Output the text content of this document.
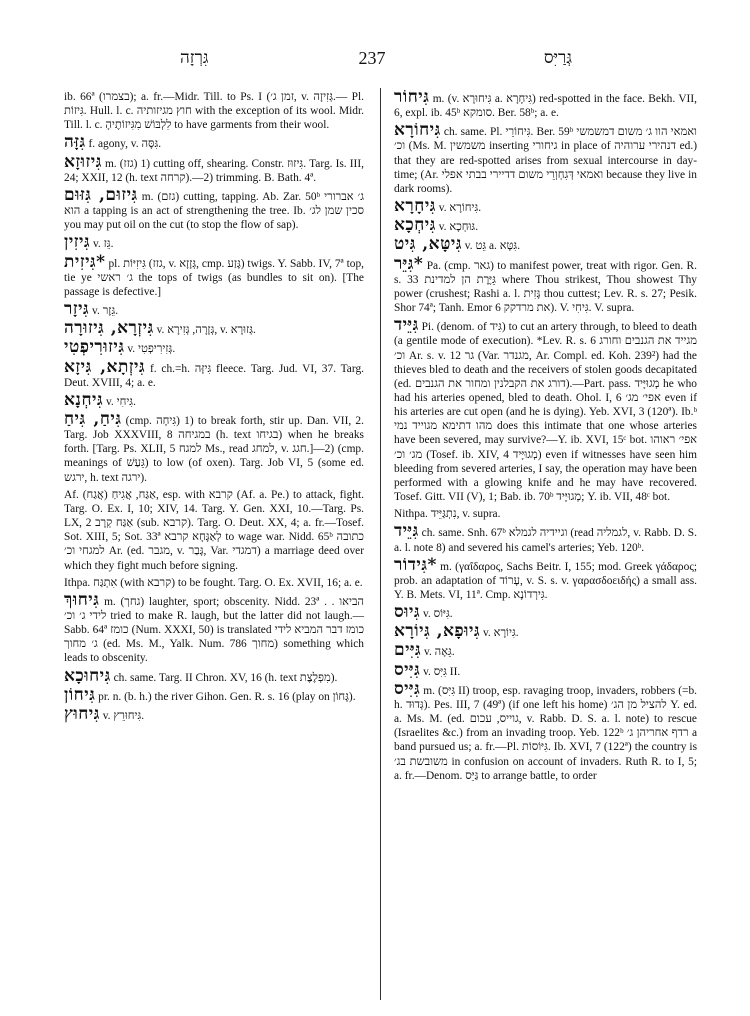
גִּרְזָה	237	גְּרַיִּס

ib. 66ª (בצמרו); a. fr.—Midr. Till. to Ps. I (זמן ג׳, v. גְּזִיזָה.— Pl. גִּיזוֹת. Hull. l. c. חוץ מגיזותיה with the exception of its wool. Midr. Till. l. c. לִלְבּוֹשׁ מִגִּיזוֹתֶיהָ to have garments from their wool.

גִּזָּה f. agony, v. גִּסָּה.

גִּיזוּזָא m. (גזז) 1) cutting off, shearing. Constr. גִּיזוּז. Targ. Is. III, 24; XXII, 12 (h. text קרחה).—2) trimming. B. Bath. 4ª.

גִּיזוּם, גִּזּוּם m. (גזם) cutting, tapping. Ab. Zar. 50ᵇ ג׳ אברורי הוא a tapping is an act of strengthening the tree. Ib. סכין שמן לג׳ you may put oil on the cut (to stop the flow of sap).

גִּיזִין v. גֵּז.

*גִּיזִית pl. גִּיזִיּוֹת (גזז, v. גְּזָזָא, cmp. גֶּזַע) twigs. Y. Sabb. IV, 7ª top, tie ye ג׳ ראשי the tops of twigs (as bundles to sit on). [The passage is defective.]

גִּיזָר v. גֵּזֶר.

גִּיזְרָא, גִּיזוּרָה v. גְּזָרָה, גְּזִירָא, v. גְּזוּרָא.

גִּיזוּרִיפְטִי v. גְּזִירִיפְטִי.

גִּיזְתָא, גִּיזָא f. ch.=h. גִּיזָּה fleece. Targ. Jud. VI, 37. Targ. Deut. XVIII, 4; a. e.

גִּיחְנָא v. גִּיחִי.

גִּיחַ, גִּיחַ (cmp. גִּיחָה) 1) to break forth, stir up. Dan. VII, 2. Targ. Job XXXVIII, 8 במגיחה (h. text בגיחו) when he breaks forth. [Targ. Ps. XLII, 5 למגח Ms., read למחג, v. חגג.]—2) (cmp. meanings of גֵּעַשׁ) to low (of oxen). Targ. Job VI, 5 (some ed. ירגש, h. text ירגה).

Af. אַגַּח, אֲגִיחַ (אֲגַח), esp. with קרבא (Af. a. Pe.) to attack, fight. Targ. O. Ex. I, 10; XIV, 14. Targ. Y. Gen. XXI, 10.—Targ. Ps. LX, 2 אַגַּח קְרָב (sub. קרבא). Targ. O. Deut. XX, 4; a. fr.—Tosef. Sot. XIII, 5; Sot. 33ª לְאַגָּחָא קרבא to wage war. Nidd. 65ᵇ כתובה למגחי וכ׳ Ar. (ed. מגבר, v. גָּבַר, Var. דמגדי) a marriage deed over which they fight much before signing.

Ithpa. אִתְגַּח (with קרבא) to be fought. Targ. O. Ex. XVII, 16; a. e.

גִּיחוּךְ m. (גחך) laughter, sport; obscenity. Nidd. 23ª הביאו . . לידי ג׳ וכ׳ tried to make R. laugh, but the latter did not laugh.—Sabb. 64ª כומז (Num. XXXI, 50) is translated כומז דבר המביא לידי ג׳ מחוך (ed. Ms. M., Yalk. Num. 786 מחוך) something which leads to obscenity.

גִּיחוּכָא ch. same. Targ. II Chron. XV, 16 (h. text מִפְלֶצֶת).

גִּיחוֹן pr. n. (b. h.) the river Gihon. Gen. R. s. 16 (play on גָּחוֹן).

גִּיחוּץ v. גִּיחוּרֵץ.

גִּיחוֹר m. (v. גִּיחוּרָא a. גִּיחָרָא) red-spotted in the face. Bekh. VII, 6, expl. ib. 45ᵇ סומקא. Ber. 58ᵇ; a. e.

גִּיחוֹרָא ch. same. Pl. גִּיחוֹרֵי. Ber. 59ᵇ ואמאי הוו ג׳ משום דמשמשי וכ׳ (Ms. M. משמשין inserting גיחורי in place of דנהירי ערוהיה ed.) that they are red-spotted arises from sexual intercourse in day-time; (Ar. ואמאי דְּגִחְוְרֵי משום דדיירי בבתי אפלי because they live in dark rooms).

גִּיחָרָא v. גִּיחוֹרָא.

גִּיחְכָא v. גּוּחְכָא.

גִּיטָּא, גִּיט v. גֵּט a. גִּטָּא.

*גִּיֵּר Pa. (cmp. גאר) to manifest power, treat with rigor. Gen. R. s. 33 גֵּיֶּרֶת הן למדינת where Thou strikest, Thou showest Thy power (crushest; Rashi a. l. גָּזִית thou cuttest; Lev. R. s. 27; Pesik. Shor 74ª; Tanh. Emor 6 את מרדקק). V. גִּיחִי. V. supra.

גִּיֵּיד Pi. (denom. of גִּיד) to cut an artery through, to bleed to death (a gentile mode of execution). *Lev. R. s. 6 מגייד את הגנבים וחורג וכ׳ Ar. s. v. גר 12 (Var. מגנדר, Ar. Compl. ed. Koh. 239²) had the thieves bled to death and the receivers of stolen goods decapitated (ed. דורג את הקבלנין ומחור את הגנבים).—Part. pass. מְגוּיָּיד he who had his arteries opened, bled to death. Ohol. I, 6 אפי׳ מג׳ even if his arteries are cut open (and he is dying). Yeb. XVI, 3 (120ª). Ib.ᵇ מהו דתימא מגוייד נמי does this intimate that one whose arteries have been severed, may survive?—Y. ib. XVI, 15ᶜ bot. אפי׳ ראוהו מג׳ וכ׳ (Tosef. ib. XIV, 4 מְגוּיָּיד) even if witnesses have seen him bleeding from severed arteries, I say, the operation may have been performed with a glowing knife and he may have recovered. Tosef. Gitt. VII (V), 1; Bab. ib. 70ᵇ מְגוּיָּיד; Y. ib. VII, 48ᶜ bot.

Nithpa. נִתְגַּיֵּיד, v. supra.

גִּיֵּיד ch. same. Snh. 67ᵇ וגיידיה לגמלא (read לגמליה, v. Rabb. D. S. a. l. note 8) and severed his camel's arteries; Yeb. 120ᵇ.

*גִּידוֹר m. (γαΐδαρος, Sachs Beitr. I, 155; mod. Greek γάδαρος; prob. an adaptation of עָרוֹד, v. S. s. v. γαρασδοειδής) a small ass. Y. B. Mets. VI, 11ª. Cmp. גִּירְדוֹנָא.

גִּיוּס v. גִּיּוֹס.

גִּיוּפָא, גִּיוֹרָא v. גִּיוֹרָא.

גִּיִּים v. גֵּאָה.

גִּיִּיס v. גִּיִּס II.

גִּיִּיס m. (גִּיִּס II) troop, esp. ravaging troop, invaders, robbers (=b. h. גְּדוּד). Pes. III, 7 (49ª) (if one left his home) להציל מן הג׳ Y. ed. a. Ms. M. (ed. גוייס, עכום, v. Rabb. D. S. a. l. note) to rescue (Israelites &c.) from an invading troop. Yeb. 122ᵇ רדף אחריהן ג׳ a band pursued us; a. fr.—Pl. גִּיּוֹסוֹת. Ib. XVI, 7 (122ª) the country is משובשת בג׳ in confusion on account of invaders. Ruth R. to I, 5; a. fr.—Denom. גַּיֵּס to arrange battle, to order
